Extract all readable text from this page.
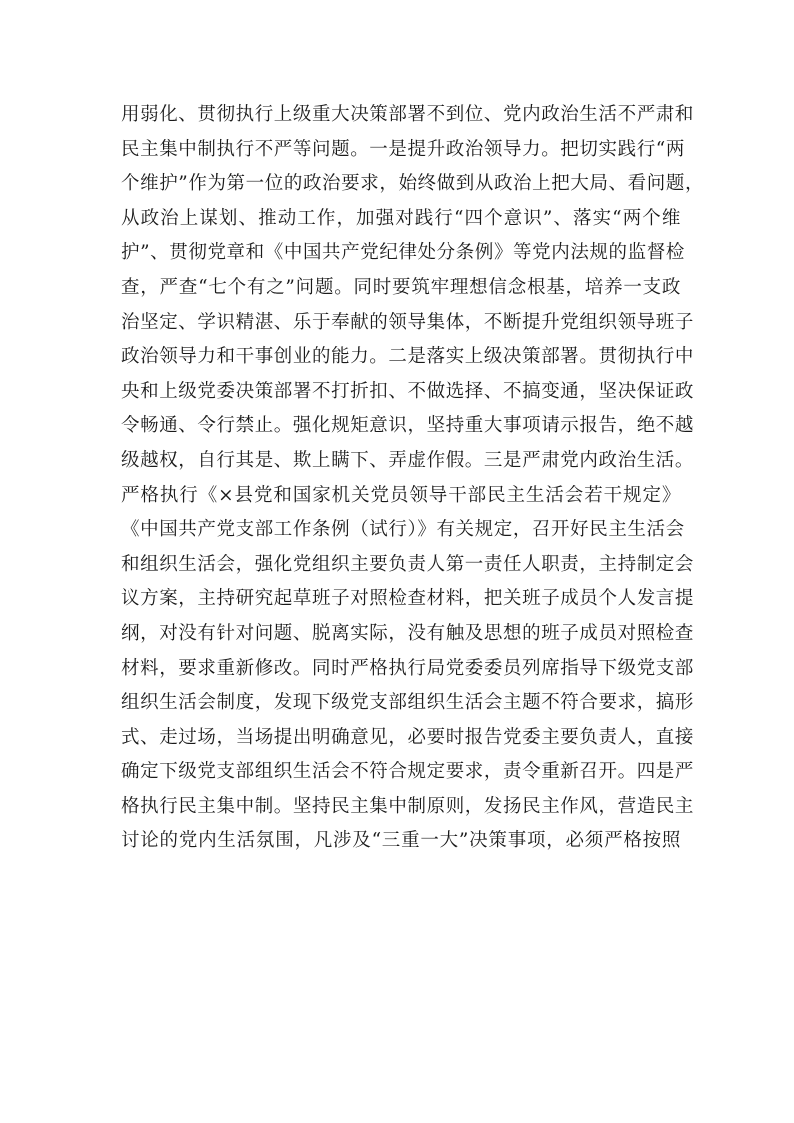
用弱化、贯彻执行上级重大决策部署不到位、党内政治生活不严肃和
民主集中制执行不严等问题。一是提升政治领导力。把切实践行“两
个维护”作为第一位的政治要求，始终做到从政治上把大局、看问题，
从政治上谋划、推动工作，加强对践行“四个意识”、落实“两个维
护”、贯彻党章和《中国共产党纪律处分条例》等党内法规的监督检
查，严查“七个有之”问题。同时要筑牢理想信念根基，培养一支政
治坚定、学识精湛、乐于奉献的领导集体，不断提升党组织领导班子
政治领导力和干事创业的能力。二是落实上级决策部署。贯彻执行中
央和上级党委决策部署不打折扣、不做选择、不搞变通，坚决保证政
令畅通、令行禁止。强化规矩意识，坚持重大事项请示报告，绝不越
级越权，自行其是、欺上瞒下、弄虚作假。三是严肃党内政治生活。
严格执行《×县党和国家机关党员领导干部民主生活会若干规定》
《中国共产党支部工作条例（试行）》有关规定，召开好民主生活会
和组织生活会，强化党组织主要负责人第一责任人职责，主持制定会
议方案，主持研究起草班子对照检查材料，把关班子成员个人发言提
纲，对没有针对问题、脱离实际，没有触及思想的班子成员对照检查
材料，要求重新修改。同时严格执行局党委委员列席指导下级党支部
组织生活会制度，发现下级党支部组织生活会主题不符合要求，搞形
式、走过场，当场提出明确意见，必要时报告党委主要负责人，直接
确定下级党支部组织生活会不符合规定要求，责令重新召开。四是严
格执行民主集中制。坚持民主集中制原则，发扬民主作风，营造民主
讨论的党内生活氛围，凡涉及“三重一大”决策事项，必须严格按照
